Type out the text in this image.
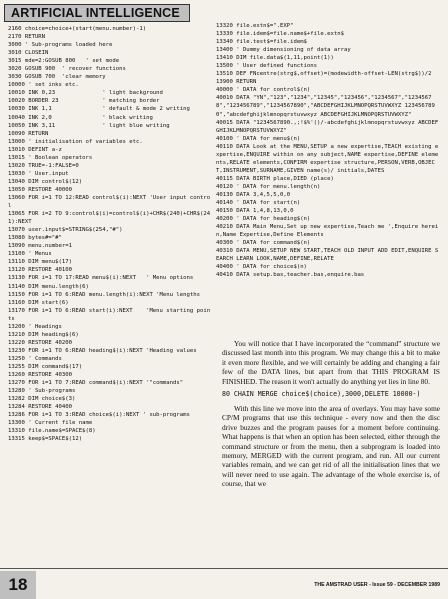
ARTIFICIAL INTELLIGENCE
2160 choice=choice+(start(menu.number)-1)
2170 RETURN
3000 ' Sub-programs loaded here
3010 CLOSEIN
3015 mde=2:GOSUB 800   ' set mode
3020 GOSUB 900  ' recover functions
3030 GOSUB 700  'clear memory
10000 ' set inks etc.
10010 INK 0,23              ' light background
10020 BORDER 23             ' matching border
10030 INK 1,1               ' default & mode 2 writing
10040 INK 2,0               ' black writing
10050 INK 3,11              ' light blue writing
10090 RETURN
13000 ' initialisation of variables etc.
13010 DEFINT a-z
13015 ' Boolean operators
13020 TRUE=-1:FALSE=0
13030 ' User.input
13040 DIM control$(12)
13050 RESTORE 40000
13060 FOR i=1 TO 12:READ control$(i):NEXT 'User input control
13065 FOR i=2 TO 9:control$(i)=control$(i)+CHR$(240)+CHR$(241):NEXT
13070 user.input$=STRING$(254,"#")
13080 bytes#="#"
13090 menu.number=1
13100 ' Menus
13110 DIM menu$(17)
13120 RESTORE 40100
13130 FOR i=1 TO 17:READ menu$(i):NEXT   ' Menu options
13140 DIM menu.length(6)
13150 FOR i=1 TO 6:READ menu.length(i):NEXT 'Menu lengths
13160 DIM start(6)
13170 FOR i=1 TO 6:READ start(i):NEXT    'Menu starting points
13200 ' Headings
13210 DIM heading$(6)
13220 RESTORE 40200
13230 FOR i=1 TO 6:READ heading$(i):NEXT 'Heading values
13250 ' Commands
13255 DIM command$(17)
13260 RESTORE 40300
13270 FOR i=1 TO 7:READ command$(i):NEXT '"commands"
13280 ' Sub-programs
13282 DIM choice$(3)
13284 RESTORE 40400
13286 FOR i=1 TO 3:READ choice$(i):NEXT ' sub-programs
13300 ' Current file name
13310 file.name$=SPACE$(8)
13315 keep$=SPACE$(12)
13320 file.extn$=".EXP"
13330 file.idem$=file.name$+file.extn$
13340 file.test$=file.idem$
13400 ' Dummy dimensioning of data array
13410 DIM file.data$(1,11,point(1))
13500 ' User defined functions
13510 DEF FNcentre(strg$,offset)=(modewidth-offset-LEN(strg$))/2
13900 RETURN
40000 ' DATA for control$(n)
40010 DATA "YN","123","1234","12345","123456","1234567","12345678","123456789","1234567890","ABCDEFGHIJKLMNOPQRSTUVWXYZ 1234567890","abcdefghijklmnopqrstuvwxyz ABCDEFGHIJKLMNOPQRSTUVWXYZ"
40015 DATA "1234567890.,;!$%'()/-abcdefghijklmnopqrstuvwxyz ABCDEFGHIJKLMNOPQRSTUVWXYZ"
40100 ' DATA for menu$(n)
40110 DATA Look at the MENU,SETUP a new expertise,TEACH existing expertise,ENQUIRE within on any subject,NAME expertise,DEFINE elements,RELATE elements,CONFIRM expertise structure,PERSON,VERB,OBJECT,INSTRUMENT,SURNAME,GIVEN name(s)/ initials,DATES
40115 DATA BIRTH place,DIED (place)
40120 ' DATA for menu.length(n)
40130 DATA 3,4,5,5,0,0
40140 ' DATA for start(n)
40150 DATA 1,4,8,13,0,0
40200 ' DATA for heading$(n)
40210 DATA Main Menu,Set up new expertise,Teach me ',Enquire herein,Name Expertise,Define Elements
40300 ' DATA for command$(n)
40310 DATA MENU,SETUP NEW START,TEACH OLD INPUT ADD EDIT,ENQUIRE SEARCH LEARN LOOK,NAME,DEFINE,RELATE
40400 ' DATA for choice$(n)
40410 DATA setup.bas,teacher.bas,enquire.bas

You will notice that I have incorporated the “command” structure we discussed last month into this program. We may change this a bit to make it even more flexible, and we will certainly be adding and changing a fair few of the DATA lines, but apart from that THIS PROGRAM IS FINISHED. The reason it won't actually do anything yet lies in line 80.

80 CHAIN MERGE choice$(choice),3000,DELETE 10000-)

With this line we move into the area of overlays. You may have some CP/M programs that use this technique - every now and then the disc drive buzzes and the program pauses for a moment before continuing. What happens is that when an option has been selected, either through the command structure or from the menu, then a subprogram is loaded into memory, MERGED with the current program, and run. All our current variables remain, and we can get rid of all the initialisation lines that we will never need to use again. The advantage of the whole exercise is, of course, that we

18	THE AMSTRAD USER - Issue 59 - DECEMBER 1989
